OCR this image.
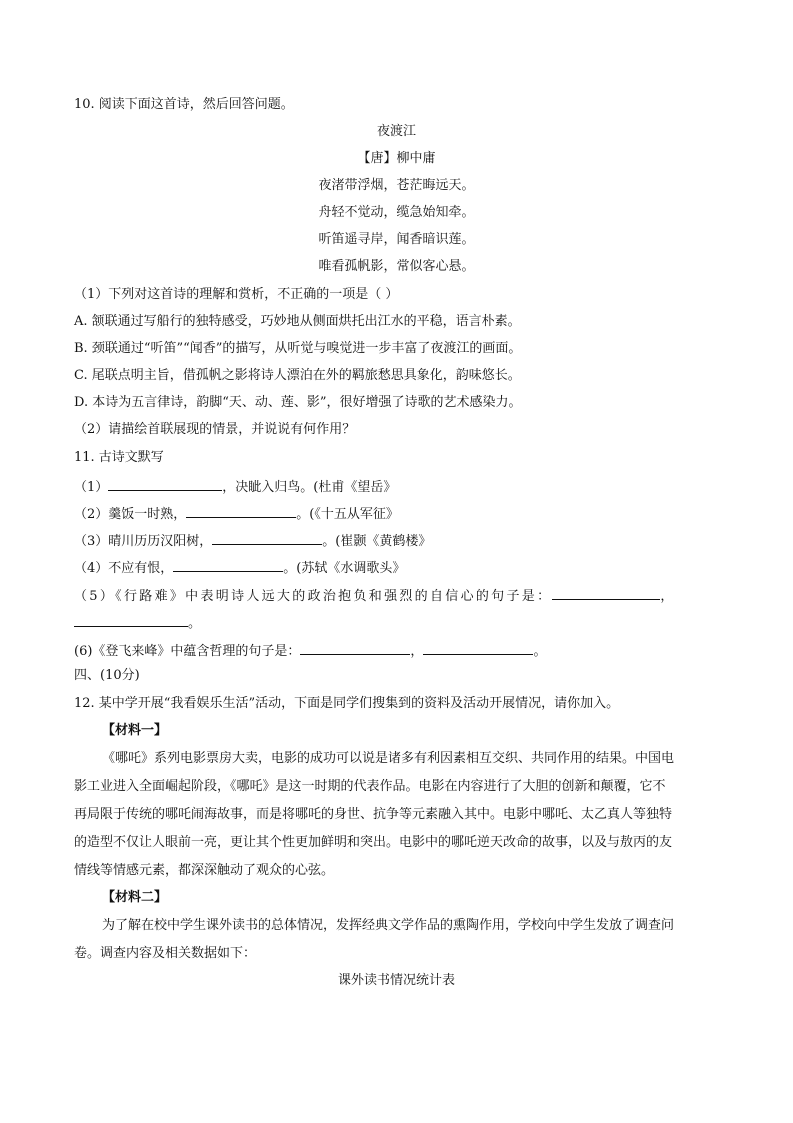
10. 阅读下面这首诗，然后回答问题。
夜渡江
【唐】柳中庸
夜渚带浮烟，苍茫晦远天。
舟轻不觉动，缆急始知牵。
听笛遥寻岸，闻香暗识莲。
唯看孤帆影，常似客心悬。
（1）下列对这首诗的理解和赏析，不正确的一项是（ ）
A. 颔联通过写船行的独特感受，巧妙地从侧面烘托出江水的平稳，语言朴素。
B. 颈联通过“听笛”“闻香”的描写，从听觉与嗅觉进一步丰富了夜渡江的画面。
C. 尾联点明主旨，借孤帆之影将诗人漂泊在外的羁旅愁思具象化，韵味悠长。
D. 本诗为五言律诗，韵脚“天、动、莲、影”，很好增强了诗歌的艺术感染力。
（2）请描绘首联展现的情景，并说说有何作用？
11. 古诗文默写
（1）	，决眦入归鸟。(杜甫《望岳》
（2）羹饭一时熟，	。(《十五从军征》
（3）晴川历历汉阳树，	。(崔颢《黄鹤楼》
（4）不应有恨，	。(苏轼《水调歌头》
（5）《行路难》中表明诗人远大的政治抱负和强烈的自信心的句子是：	，
。
(6)《登飞来峰》中蕴含哲理的句子是：	，	。
四、(10分)
12. 某中学开展“我看娱乐生活”活动，下面是同学们搜集到的资料及活动开展情况，请你加入。
【材料一】
《哪吒》系列电影票房大卖，电影的成功可以说是诸多有利因素相互交织、共同作用的结果。中国电
影工业进入全面崛起阶段，《哪吒》是这一时期的代表作品。电影在内容进行了大胆的创新和颠覆，它不
再局限于传统的哪吒闹海故事，而是将哪吒的身世、抗争等元素融入其中。电影中哪吒、太乙真人等独特
的造型不仅让人眼前一亮，更让其个性更加鲜明和突出。电影中的哪吒逆天改命的故事，以及与敖丙的友
情线等情感元素，都深深触动了观众的心弦。
【材料二】
为了解在校中学生课外读书的总体情况，发挥经典文学作品的熏陶作用，学校向中学生发放了调查问
卷。调查内容及相关数据如下：
课外读书情况统计表
